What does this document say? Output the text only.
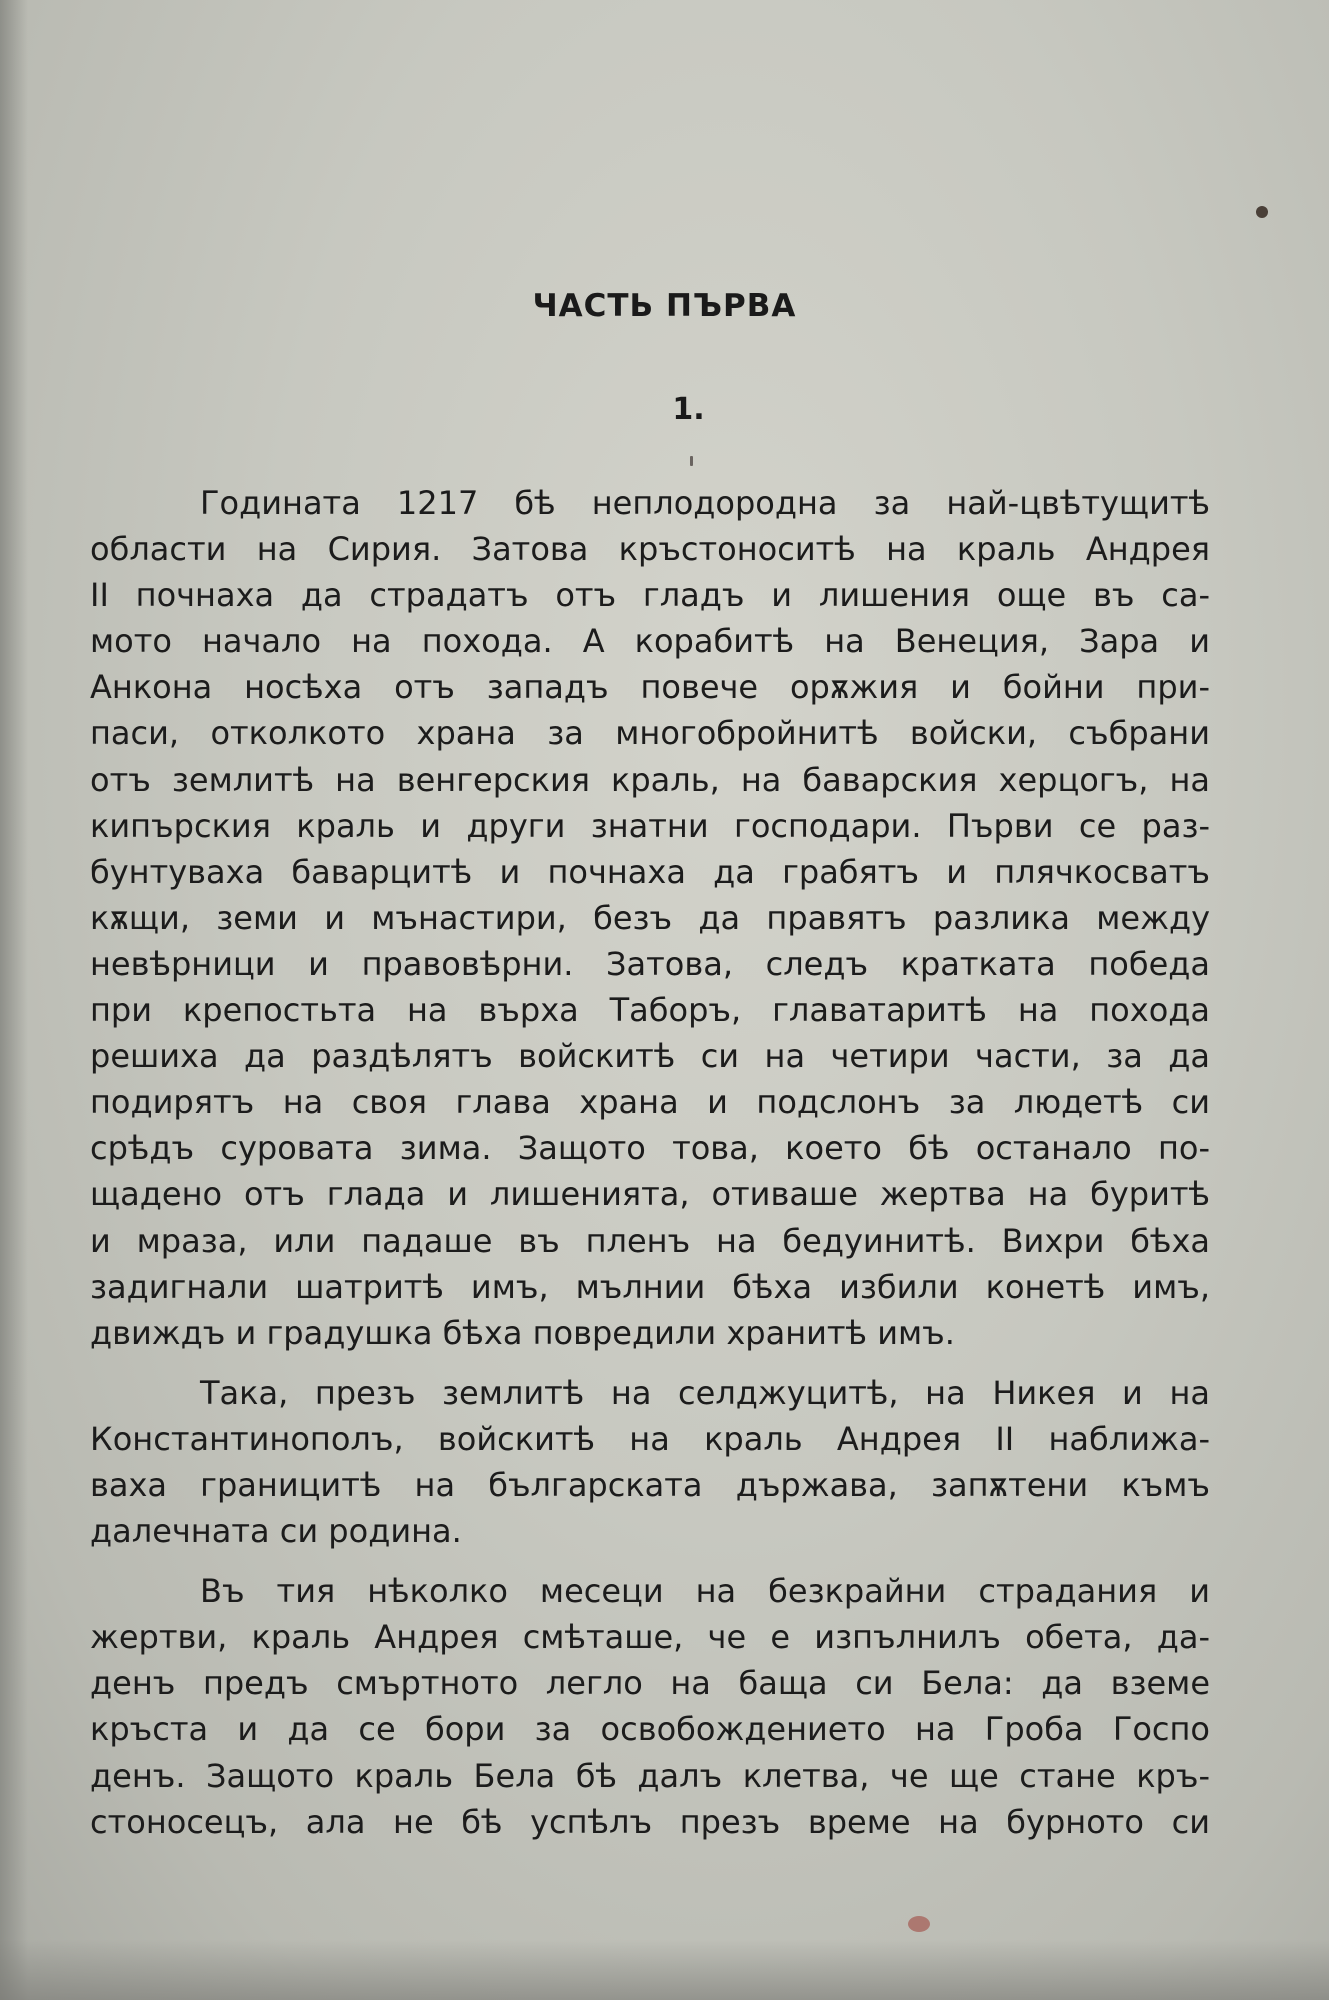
ЧАСТЬ ПЪРВА
1.
Годината 1217 бѣ неплодородна за най-цвѣтущитѣ
области на Сирия. Затова кръстоноситѣ на краль Андрея
II почнаха да страдатъ отъ гладъ и лишения още въ са-
мото начало на похода. А корабитѣ на Венеция, Зара и
Анкона носѣха отъ западъ повече орѫжия и бойни при-
паси, отколкото храна за многобройнитѣ войски, събрани
отъ землитѣ на венгерския краль, на баварския херцогъ, на
кипърския краль и други знатни господари. Първи се раз-
бунтуваха баварцитѣ и почнаха да грабятъ и плячкосватъ
кѫщи, земи и мънастири, безъ да правятъ разлика между
невѣрници и правовѣрни. Затова, следъ кратката победа
при крепостьта на върха Таборъ, главатаритѣ на похода
решиха да раздѣлятъ войскитѣ си на четири части, за да
подирятъ на своя глава храна и подслонъ за людетѣ си
срѣдъ суровата зима. Защото това, което бѣ останало по-
щадено отъ глада и лишенията, отиваше жертва на буритѣ
и мраза, или падаше въ пленъ на бедуинитѣ. Вихри бѣха
задигнали шатритѣ имъ, мълнии бѣха избили конетѣ имъ,
движдъ и градушка бѣха повредили хранитѣ имъ.
Така, презъ землитѣ на селджуцитѣ, на Никея и на
Константинополъ, войскитѣ на краль Андрея II наближа-
ваха границитѣ на българската държава, запѫтени къмъ
далечната си родина.
Въ тия нѣколко месеци на безкрайни страдания и
жертви, краль Андрея смѣташе, че е изпълнилъ обета, да-
денъ предъ смъртното легло на баща си Бела: да вземе
кръста и да се бори за освобождението на Гроба Госпо
денъ. Защото краль Бела бѣ далъ клетва, че ще стане кръ-
стоносецъ, ала не бѣ успѣлъ презъ време на бурното си
